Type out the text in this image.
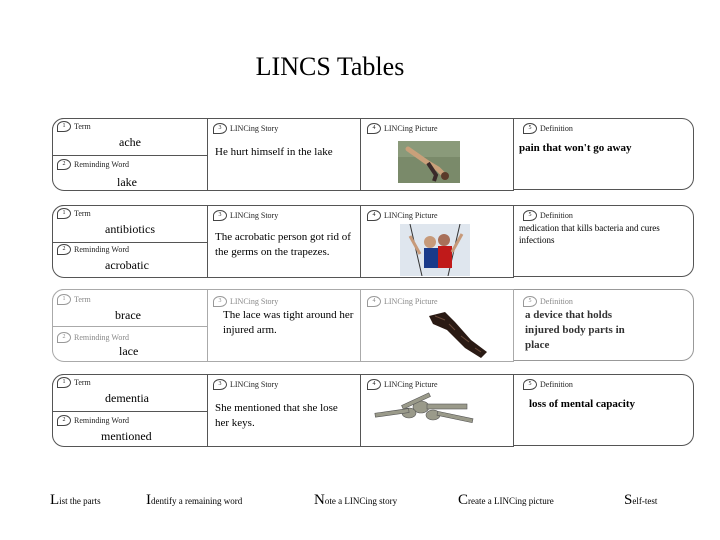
LINCS Tables
1	Term
ache
2	Reminding Word
lake
3	LINCing Story
He hurt himself in the lake
4	LINCing Picture	5	Definition
pain that won't go away
1	Term
antibiotics
2	Reminding Word
acrobatic
3	LINCing Story
The acrobatic person got rid of the germs on the trapezes.
4	LINCing Picture	5	Definition
medication that kills bacteria and cures infections
1	Term
brace
2	Reminding Word
lace
3	LINCing Story
The lace was tight around her injured arm.
4	LINCing Picture	5	Definition
a device that holds injured body parts in place
1	Term
dementia
2	Reminding Word
mentioned
3	LINCing Story
She mentioned that she lose her keys.
4	LINCing Picture	5	Definition
loss of mental capacity
List the parts	Identify a remaining word	Note a LINCing story	Create a LINCing picture	Self-test
